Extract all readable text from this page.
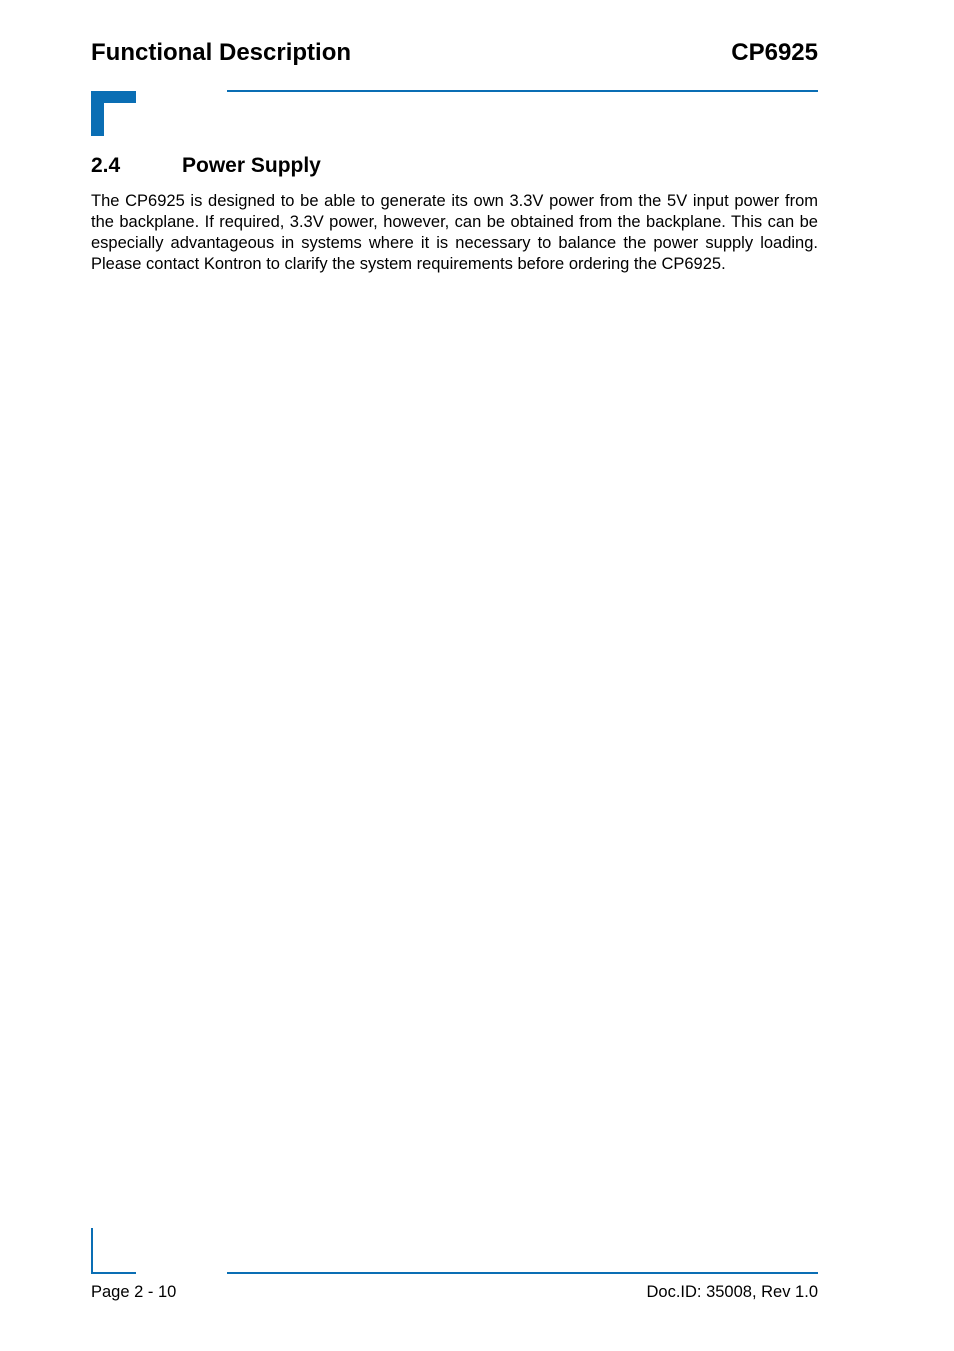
Functional Description	CP6925
2.4	Power Supply

The CP6925 is designed to be able to generate its own 3.3V power from the 5V input power from the backplane. If required, 3.3V power, however, can be obtained from the backplane. This can be especially advantageous in systems where it is necessary to balance the power supply loading. Please contact Kontron to clarify the system requirements before ordering the CP6925.

Page 2 - 10	Doc.ID: 35008, Rev 1.0
